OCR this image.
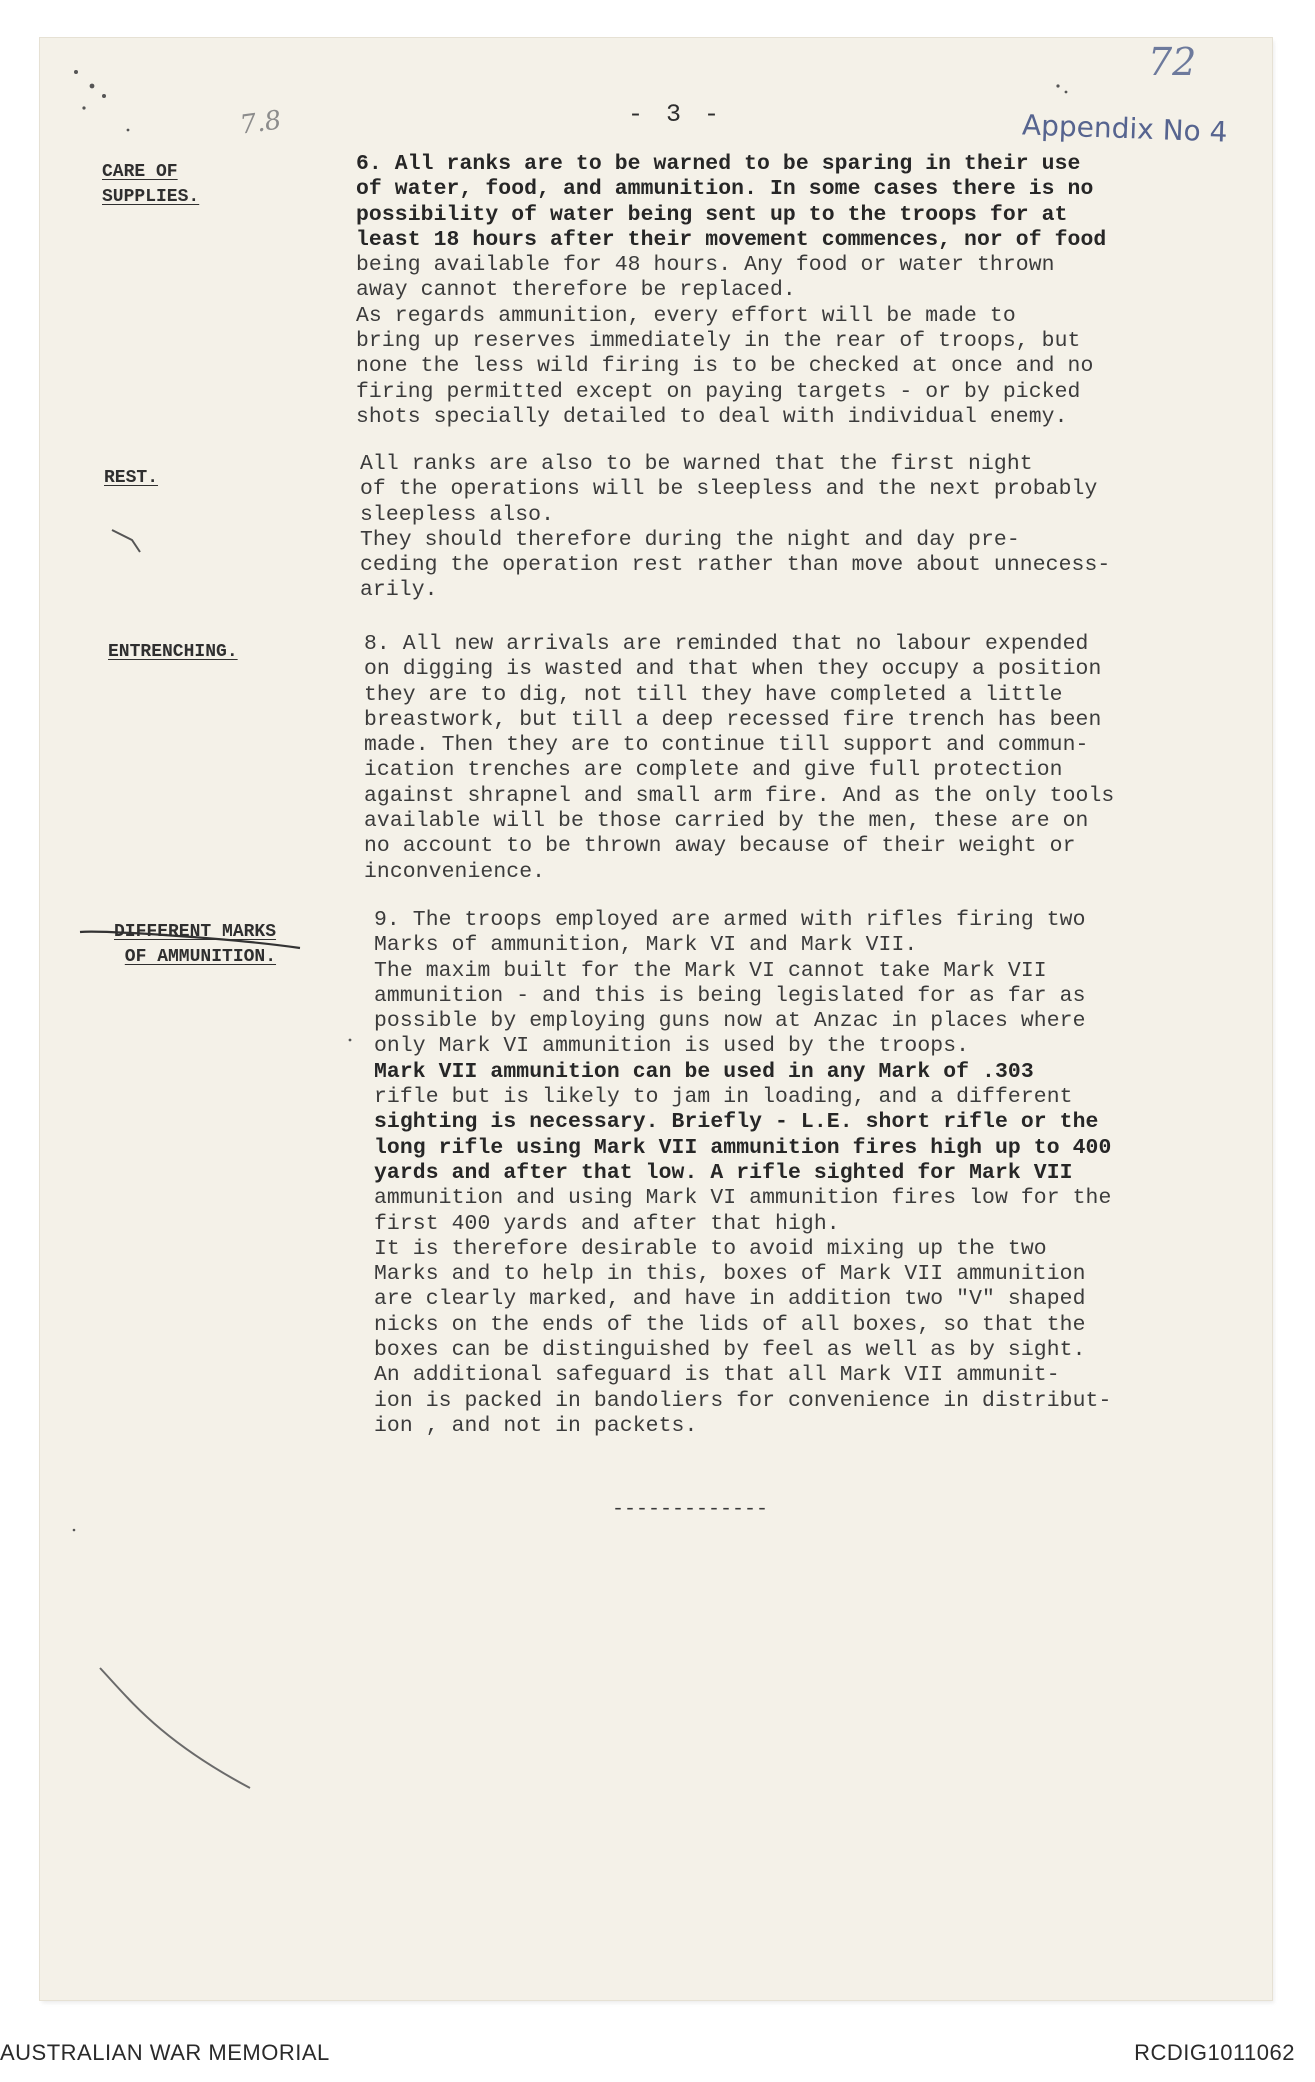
7.8
72
- 3 -	Appendix No 4
CARE OF
SUPPLIES.
6. All ranks are to be warned to be sparing in their use
of water, food, and ammunition. In some cases there is no
possibility of water being sent up to the troops for at
least 18 hours after their movement commences, nor of food
being available for 48 hours. Any food or water thrown
away cannot therefore be replaced.
As regards ammunition, every effort will be made to
bring up reserves immediately in the rear of troops, but
none the less wild firing is to be checked at once and no
firing permitted except on paying targets - or by picked
shots specially detailed to deal with individual enemy.
REST.
All ranks are also to be warned that the first night
of the operations will be sleepless and the next probably
sleepless also.
They should therefore during the night and day pre-
ceding the operation rest rather than move about unnecess-
arily.
ENTRENCHING.	8. All new arrivals are reminded that no labour expended
on digging is wasted and that when they occupy a position
they are to dig, not till they have completed a little
breastwork, but till a deep recessed fire trench has been
made. Then they are to continue till support and commun-
ication trenches are complete and give full protection
against shrapnel and small arm fire. And as the only tools
available will be those carried by the men, these are on
no account to be thrown away because of their weight or
inconvenience.
DIFFERENT MARKS
OF AMMUNITION.
9. The troops employed are armed with rifles firing two
Marks of ammunition, Mark VI and Mark VII.
The maxim built for the Mark VI cannot take Mark VII
ammunition - and this is being legislated for as far as
possible by employing guns now at Anzac in places where
only Mark VI ammunition is used by the troops.
Mark VII ammunition can be used in any Mark of .303
rifle but is likely to jam in loading, and a different
sighting is necessary. Briefly - L.E. short rifle or the
long rifle using Mark VII ammunition fires high up to 400
yards and after that low. A rifle sighted for Mark VII
ammunition and using Mark VI ammunition fires low for the
first 400 yards and after that high.
It is therefore desirable to avoid mixing up the two
Marks and to help in this, boxes of Mark VII ammunition
are clearly marked, and have in addition two "V" shaped
nicks on the ends of the lids of all boxes, so that the
boxes can be distinguished by feel as well as by sight.
An additional safeguard is that all Mark VII ammunit-
ion is packed in bandoliers for convenience in distribut-
ion , and not in packets.
-------------
AUSTRALIAN WAR MEMORIAL	RCDIG1011062
